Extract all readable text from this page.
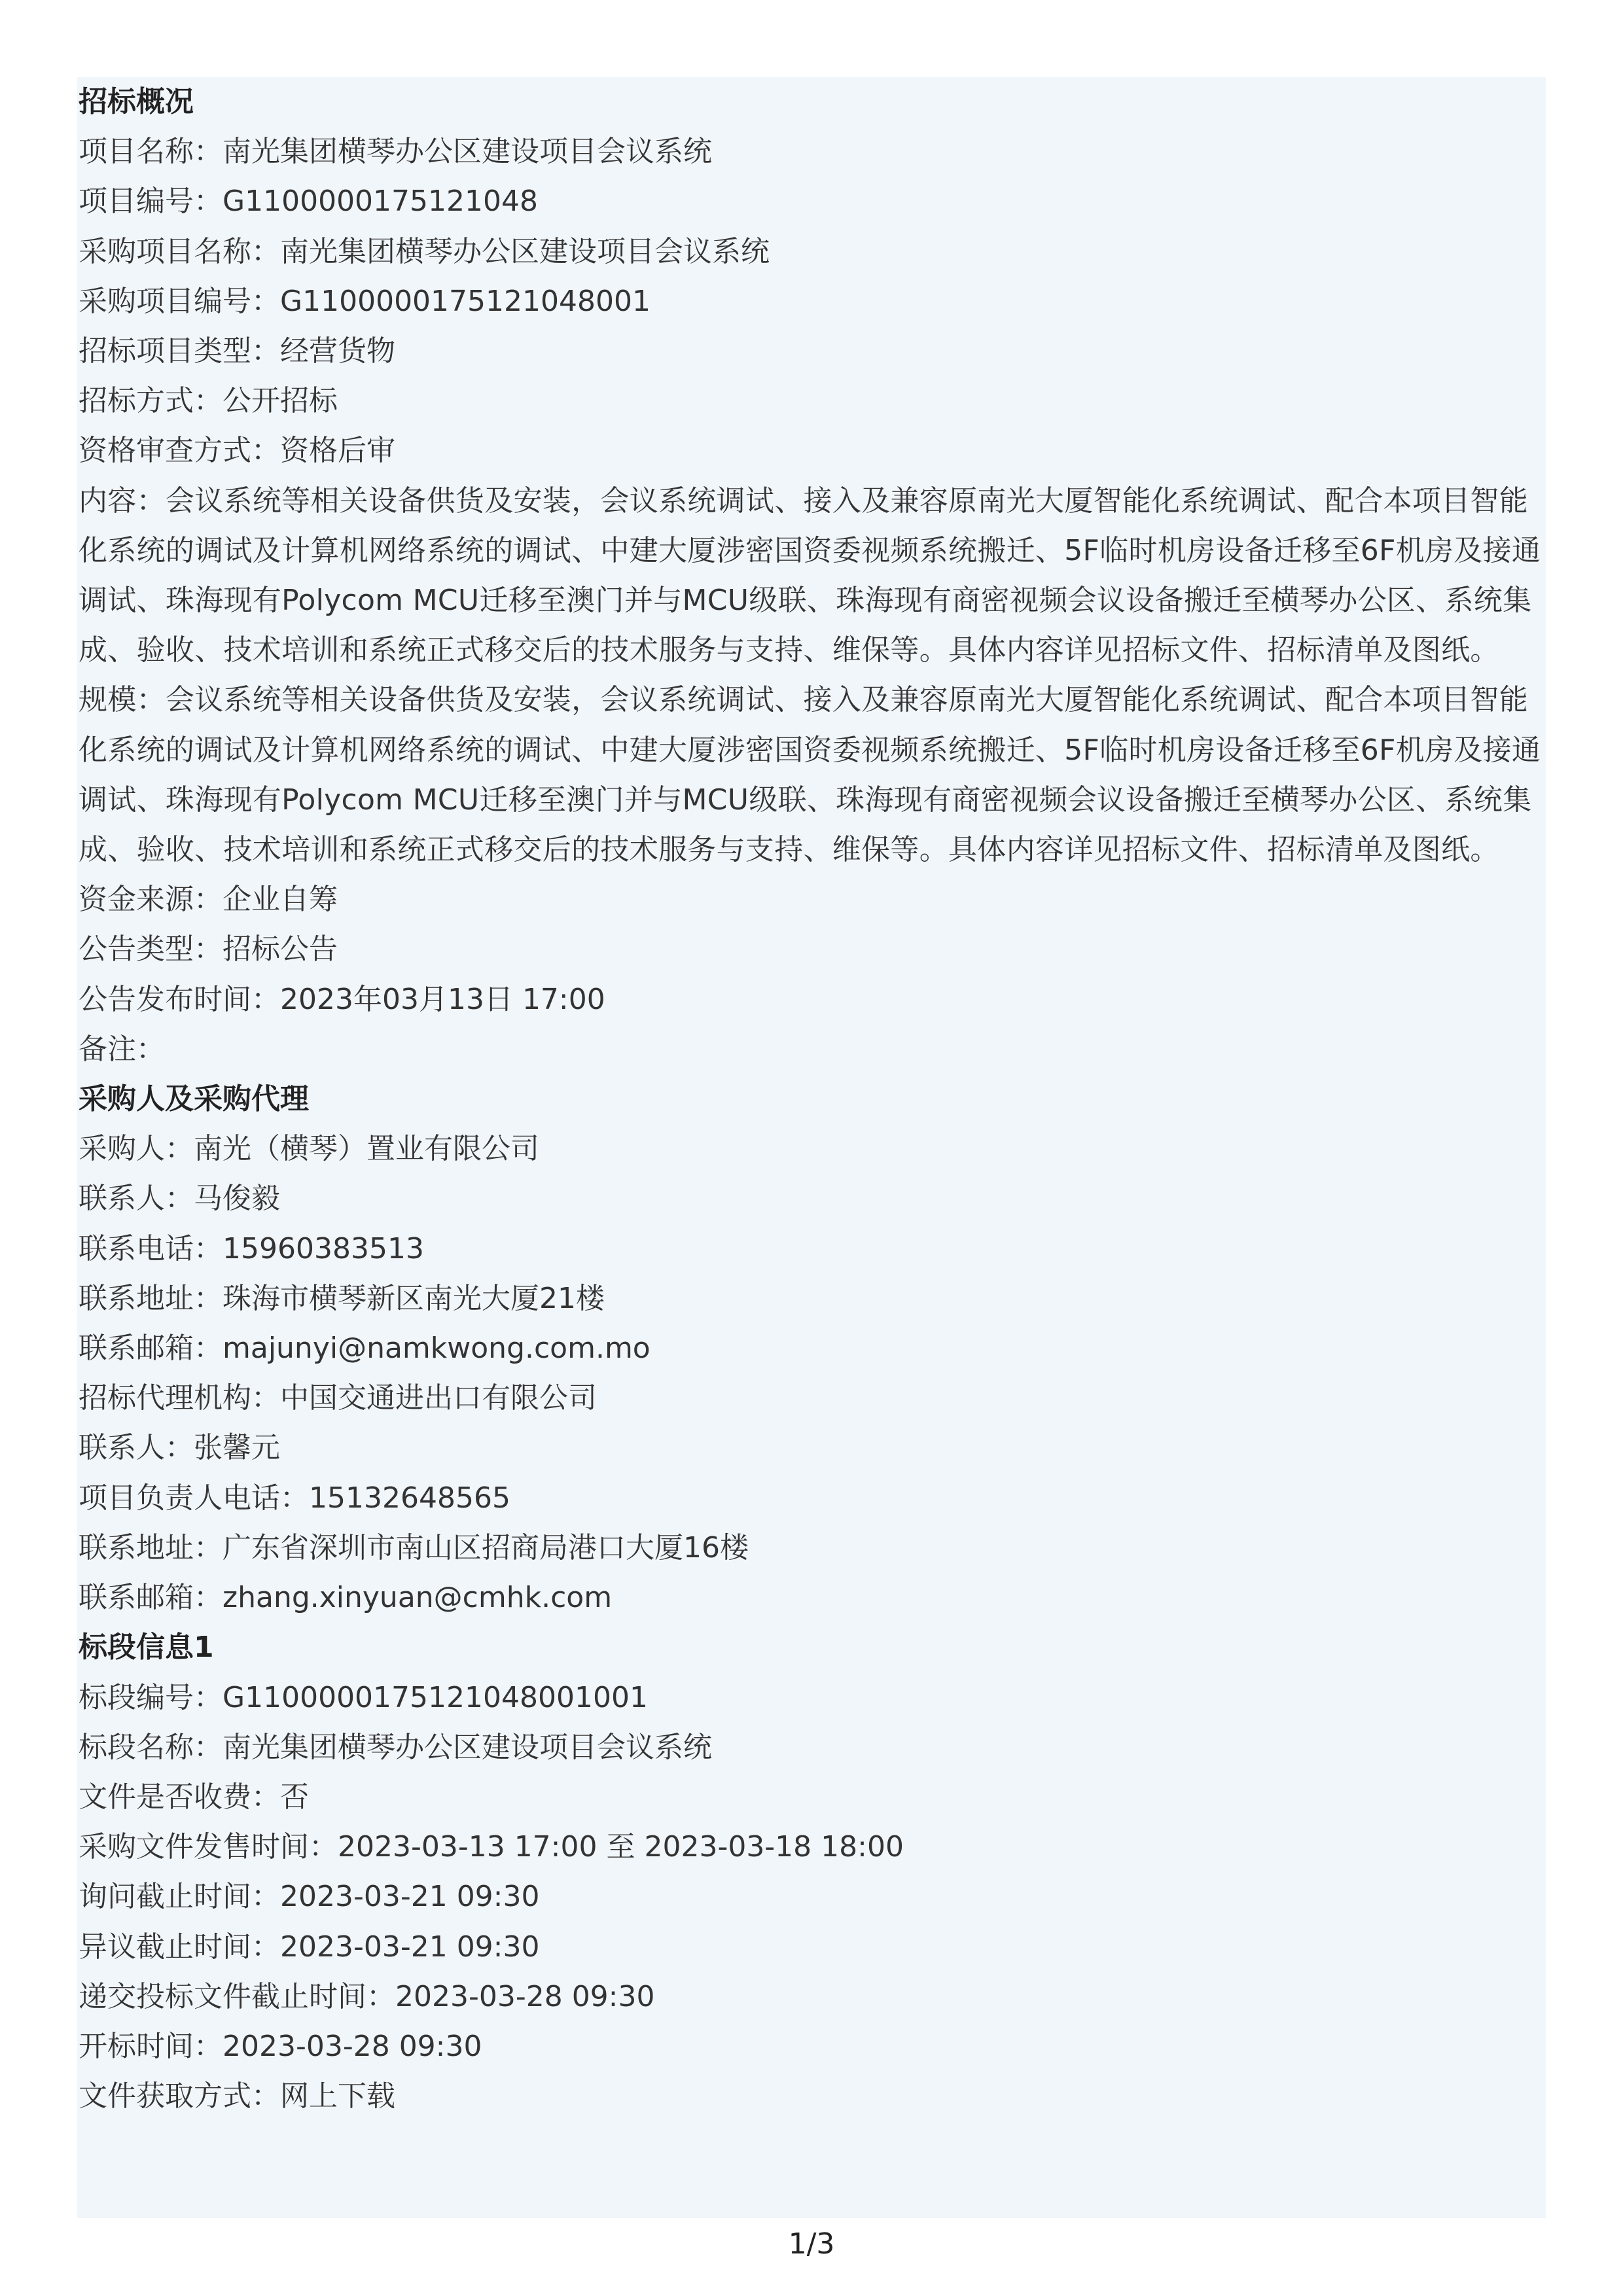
招标概况
项目名称：南光集团横琴办公区建设项目会议系统
项目编号：G1100000175121048
采购项目名称：南光集团横琴办公区建设项目会议系统
采购项目编号：G1100000175121048001
招标项目类型：经营货物
招标方式：公开招标
资格审查方式：资格后审
内容：会议系统等相关设备供货及安装，会议系统调试、接入及兼容原南光大厦智能化系统调试、配合本项目智能化系统的调试及计算机网络系统的调试、中建大厦涉密国资委视频系统搬迁、5F临时机房设备迁移至6F机房及接通调试、珠海现有Polycom MCU迁移至澳门并与MCU级联、珠海现有商密视频会议设备搬迁至横琴办公区、系统集成、验收、技术培训和系统正式移交后的技术服务与支持、维保等。具体内容详见招标文件、招标清单及图纸。
规模：会议系统等相关设备供货及安装，会议系统调试、接入及兼容原南光大厦智能化系统调试、配合本项目智能化系统的调试及计算机网络系统的调试、中建大厦涉密国资委视频系统搬迁、5F临时机房设备迁移至6F机房及接通调试、珠海现有Polycom MCU迁移至澳门并与MCU级联、珠海现有商密视频会议设备搬迁至横琴办公区、系统集成、验收、技术培训和系统正式移交后的技术服务与支持、维保等。具体内容详见招标文件、招标清单及图纸。
资金来源：企业自筹
公告类型：招标公告
公告发布时间：2023年03月13日 17:00
备注：
采购人及采购代理
采购人：南光（横琴）置业有限公司
联系人：马俊毅
联系电话：15960383513
联系地址：珠海市横琴新区南光大厦21楼
联系邮箱：majunyi@namkwong.com.mo
招标代理机构：中国交通进出口有限公司
联系人：张馨元
项目负责人电话：15132648565
联系地址：广东省深圳市南山区招商局港口大厦16楼
联系邮箱：zhang.xinyuan@cmhk.com
标段信息1
标段编号：G1100000175121048001001
标段名称：南光集团横琴办公区建设项目会议系统
文件是否收费：否
采购文件发售时间：2023-03-13 17:00 至 2023-03-18 18:00
询问截止时间：2023-03-21 09:30
异议截止时间：2023-03-21 09:30
递交投标文件截止时间：2023-03-28 09:30
开标时间：2023-03-28 09:30
文件获取方式：网上下载
1/3
